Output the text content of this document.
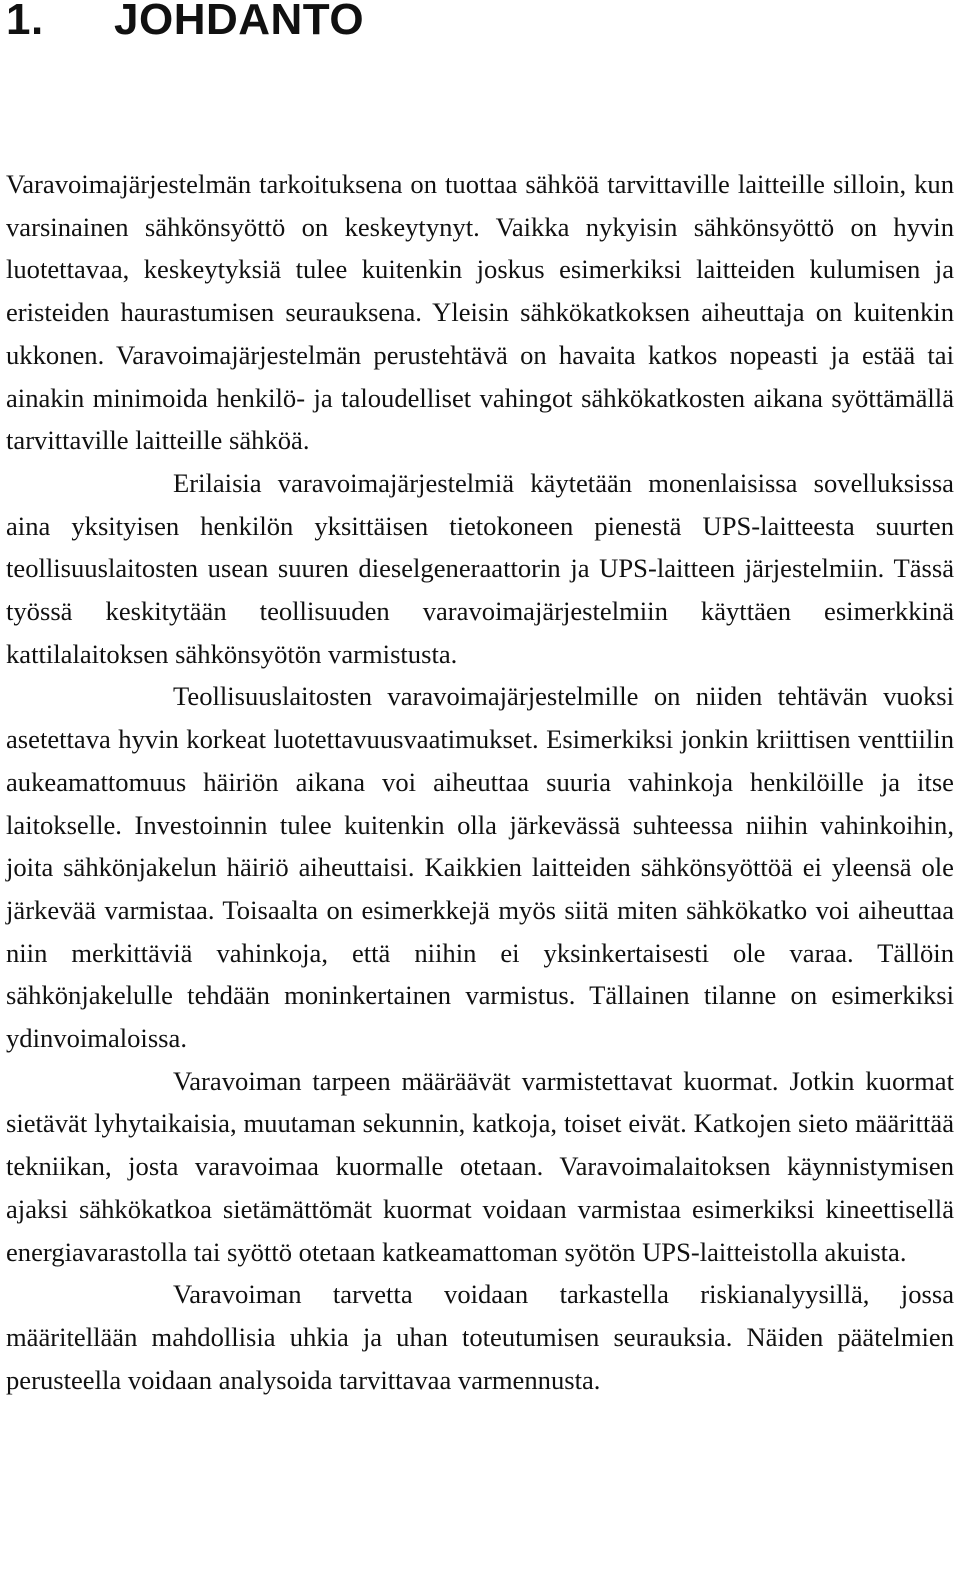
1. JOHDANTO

Varavoimajärjestelmän tarkoituksena on tuottaa sähköä tarvittaville laitteille silloin, kun varsinainen sähkönsyöttö on keskeytynyt. Vaikka nykyisin sähkönsyöttö on hyvin luotettavaa, keskeytyksiä tulee kuitenkin joskus esimerkiksi laitteiden kulumisen ja eristeiden haurastumisen seurauksena. Yleisin sähkökatkoksen aiheuttaja on kuitenkin ukkonen. Varavoimajärjestelmän perustehtävä on havaita katkos nopeasti ja estää tai ainakin minimoida henkilö- ja taloudelliset vahingot sähkökatkosten aikana syöttämällä tarvittaville laitteille sähköä.

Erilaisia varavoimajärjestelmiä käytetään monenlaisissa sovelluksissa aina yksityisen henkilön yksittäisen tietokoneen pienestä UPS-laitteesta suurten teollisuuslaitosten usean suuren dieselgeneraattorin ja UPS-laitteen järjestelmiin. Tässä työssä keskitytään teollisuuden varavoimajärjestelmiin käyttäen esimerkkinä kattilalaitoksen sähkönsyötön varmistusta.

Teollisuuslaitosten varavoimajärjestelmille on niiden tehtävän vuoksi asetettava hyvin korkeat luotettavuusvaatimukset. Esimerkiksi jonkin kriittisen venttiilin aukeamattomuus häiriön aikana voi aiheuttaa suuria vahinkoja henkilöille ja itse laitokselle. Investoinnin tulee kuitenkin olla järkevässä suhteessa niihin vahinkoihin, joita sähkönjakelun häiriö aiheuttaisi. Kaikkien laitteiden sähkönsyöttöä ei yleensä ole järkevää varmistaa. Toisaalta on esimerkkejä myös siitä miten sähkökatko voi aiheuttaa niin merkittäviä vahinkoja, että niihin ei yksinkertaisesti ole varaa. Tällöin sähkönjakelulle tehdään moninkertainen varmistus. Tällainen tilanne on esimerkiksi ydinvoimaloissa.

Varavoiman tarpeen määräävät varmistettavat kuormat. Jotkin kuormat sietävät lyhytaikaisia, muutaman sekunnin, katkoja, toiset eivät. Katkojen sieto määrittää tekniikan, josta varavoimaa kuormalle otetaan. Varavoimalaitoksen käynnistymisen ajaksi sähkökatkoa sietämättömät kuormat voidaan varmistaa esimerkiksi kineettisellä energiavarastolla tai syöttö otetaan katkeamattoman syötön UPS-laitteistolla akuista.

Varavoiman tarvetta voidaan tarkastella riskianalyysillä, jossa määritellään mahdollisia uhkia ja uhan toteutumisen seurauksia. Näiden päätelmien perusteella voidaan analysoida tarvittavaa varmennusta.
